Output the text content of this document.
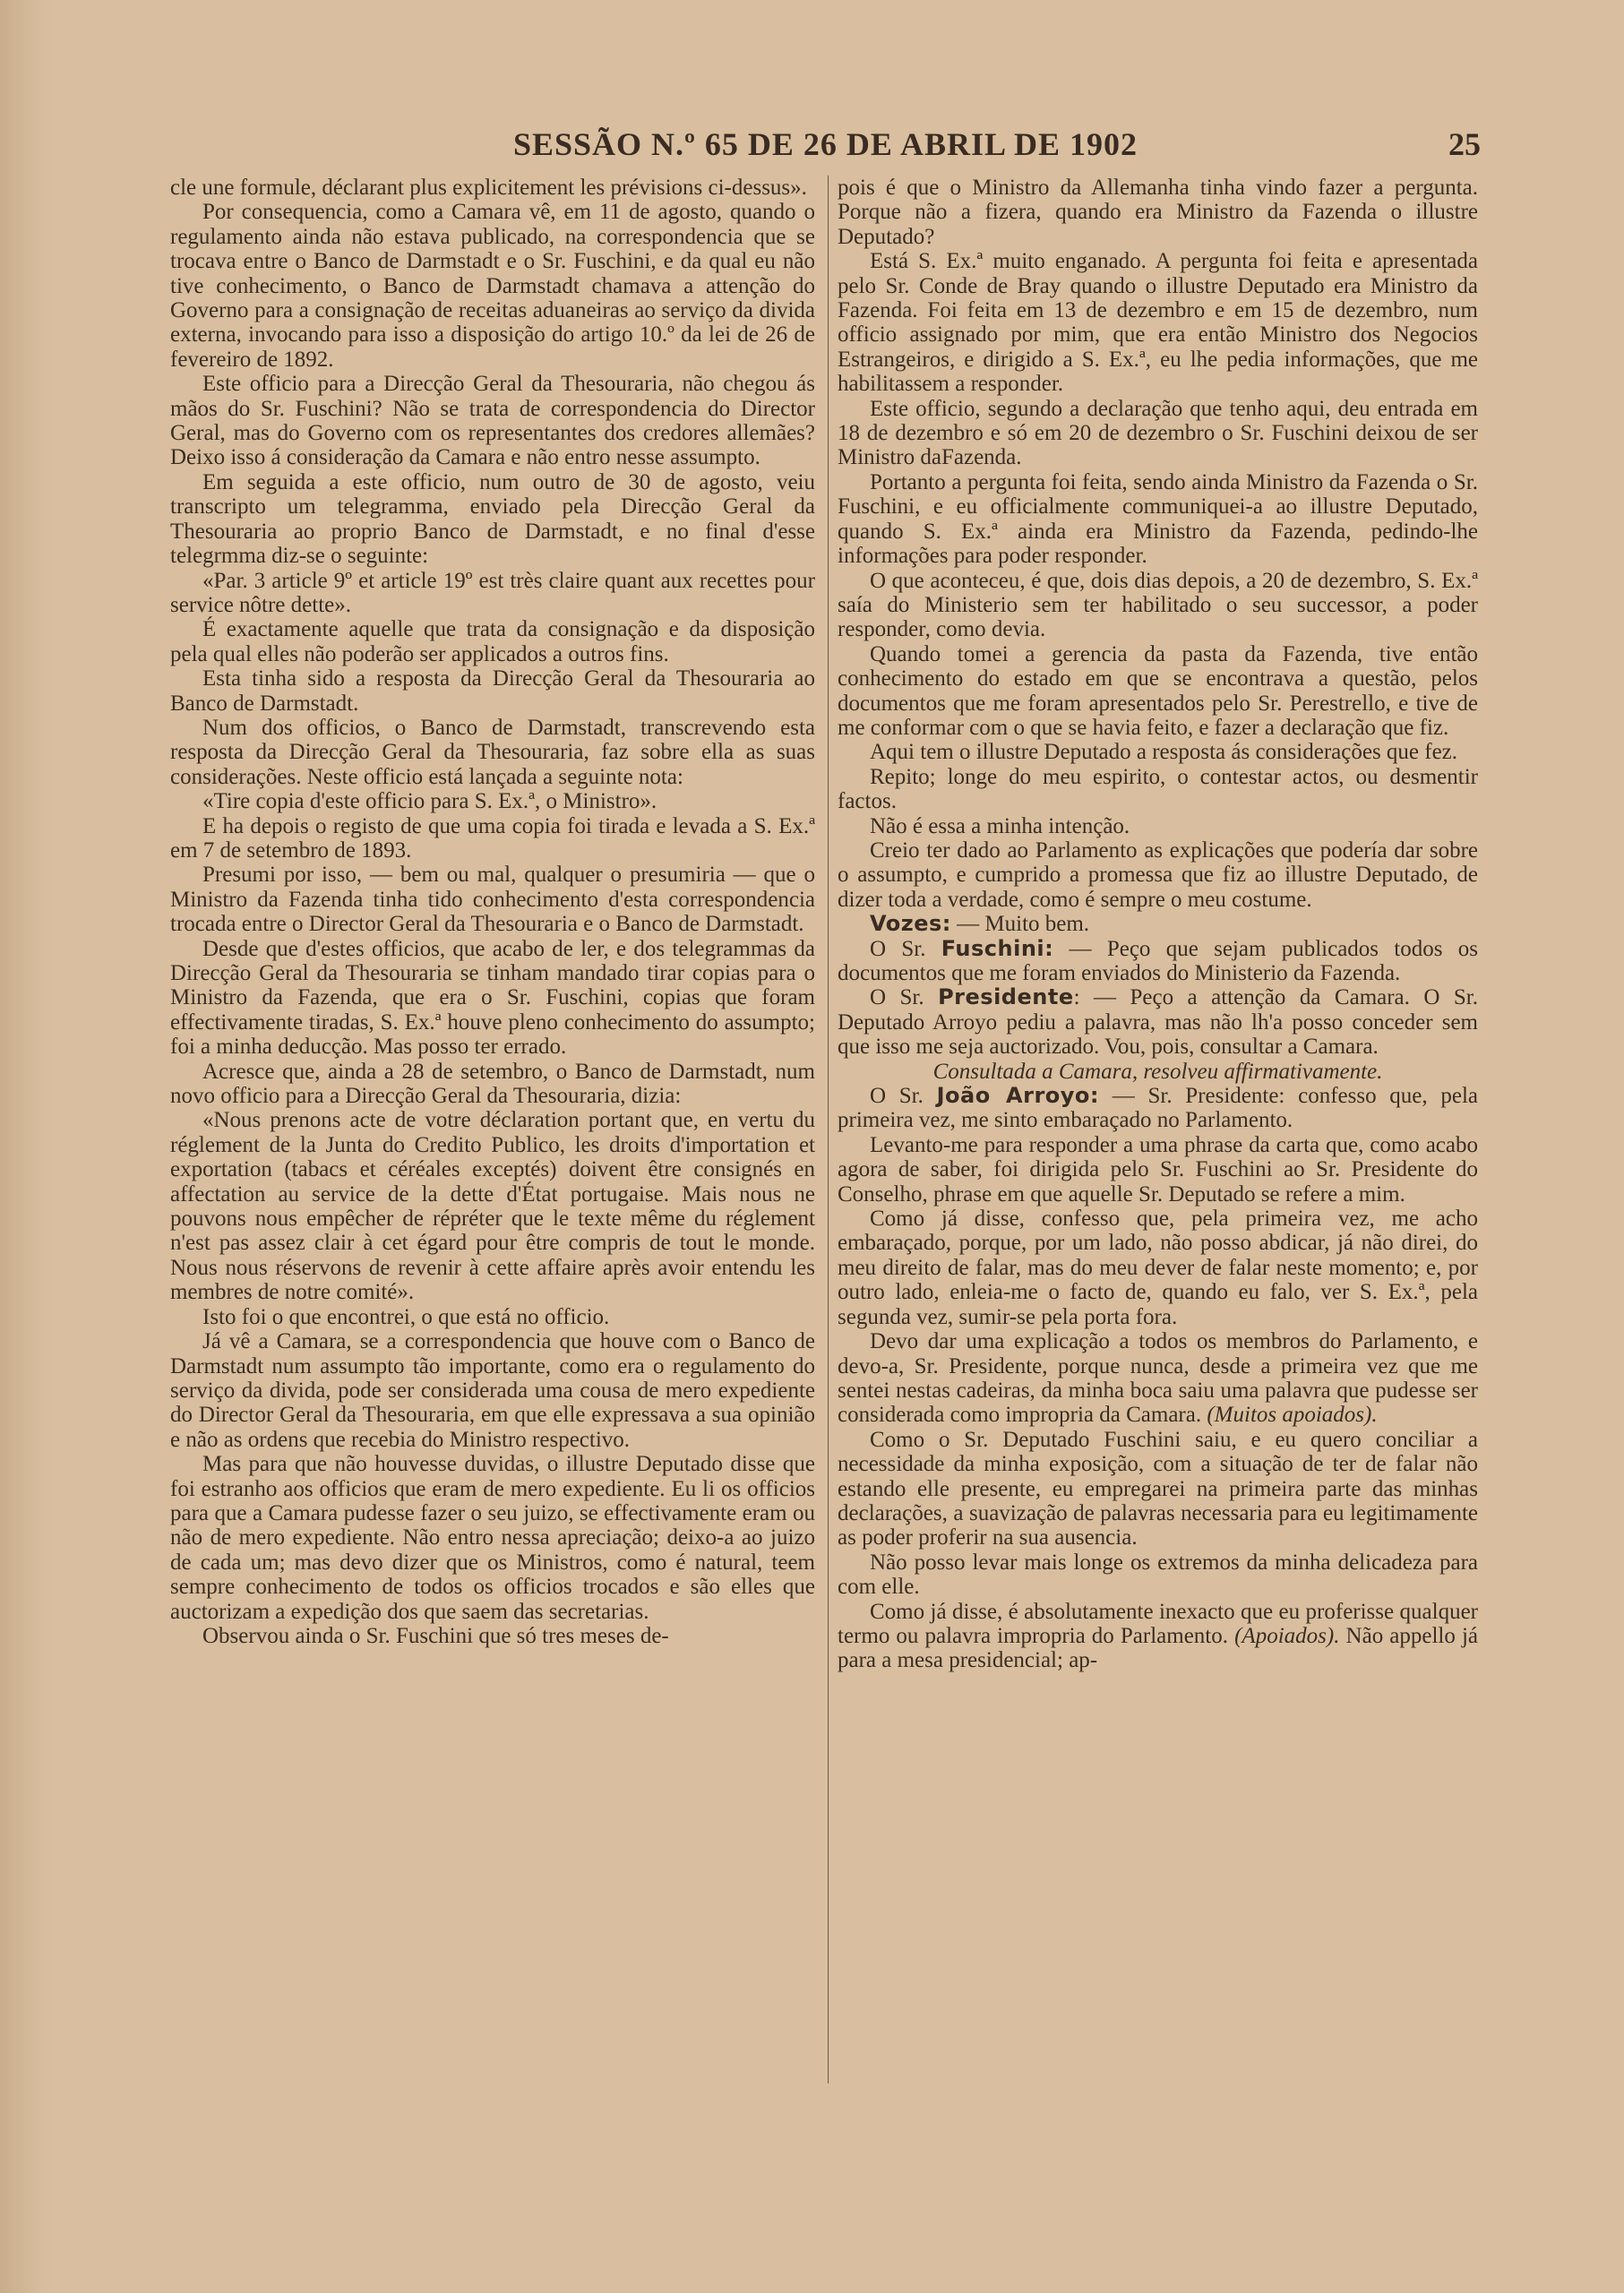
SESSÃO N.º 65 DE 26 DE ABRIL DE 1902	25

cle une formule, déclarant plus explicitement les prévisions ci-dessus».

Por consequencia, como a Camara vê, em 11 de agosto, quando o regulamento ainda não estava publicado, na correspondencia que se trocava entre o Banco de Darmstadt e o Sr. Fuschini, e da qual eu não tive conhecimento, o Banco de Darmstadt chamava a attenção do Governo para a consignação de receitas aduaneiras ao serviço da divida externa, invocando para isso a disposição do artigo 10.º da lei de 26 de fevereiro de 1892.

Este officio para a Direcção Geral da Thesouraria, não chegou ás mãos do Sr. Fuschini? Não se trata de correspondencia do Director Geral, mas do Governo com os representantes dos credores allemães? Deixo isso á consideração da Camara e não entro nesse assumpto.

Em seguida a este officio, num outro de 30 de agosto, veiu transcripto um telegramma, enviado pela Direcção Geral da Thesouraria ao proprio Banco de Darmstadt, e no final d'esse telegrmma diz-se o seguinte:

«Par. 3 article 9º et article 19º est très claire quant aux recettes pour service nôtre dette».

É exactamente aquelle que trata da consignação e da disposição pela qual elles não poderão ser applicados a outros fins.

Esta tinha sido a resposta da Direcção Geral da Thesouraria ao Banco de Darmstadt.

Num dos officios, o Banco de Darmstadt, transcrevendo esta resposta da Direcção Geral da Thesouraria, faz sobre ella as suas considerações. Neste officio está lançada a seguinte nota:

«Tire copia d'este officio para S. Ex.ª, o Ministro».

E ha depois o registo de que uma copia foi tirada e levada a S. Ex.ª em 7 de setembro de 1893.

Presumi por isso, — bem ou mal, qualquer o presumiria — que o Ministro da Fazenda tinha tido conhecimento d'esta correspondencia trocada entre o Director Geral da Thesouraria e o Banco de Darmstadt.

Desde que d'estes officios, que acabo de ler, e dos telegrammas da Direcção Geral da Thesouraria se tinham mandado tirar copias para o Ministro da Fazenda, que era o Sr. Fuschini, copias que foram effectivamente tiradas, S. Ex.ª houve pleno conhecimento do assumpto; foi a minha deducção. Mas posso ter errado.

Acresce que, ainda a 28 de setembro, o Banco de Darmstadt, num novo officio para a Direcção Geral da Thesouraria, dizia:

«Nous prenons acte de votre déclaration portant que, en vertu du réglement de la Junta do Credito Publico, les droits d'importation et exportation (tabacs et céréales exceptés) doivent être consignés en affectation au service de la dette d'État portugaise. Mais nous ne pouvons nous empêcher de répréter que le texte même du réglement n'est pas assez clair à cet égard pour être compris de tout le monde. Nous nous réservons de revenir à cette affaire après avoir entendu les membres de notre comité».

Isto foi o que encontrei, o que está no officio.

Já vê a Camara, se a correspondencia que houve com o Banco de Darmstadt num assumpto tão importante, como era o regulamento do serviço da divida, pode ser considerada uma cousa de mero expediente do Director Geral da Thesouraria, em que elle expressava a sua opinião e não as ordens que recebia do Ministro respectivo.

Mas para que não houvesse duvidas, o illustre Deputado disse que foi estranho aos officios que eram de mero expediente. Eu li os officios para que a Camara pudesse fazer o seu juizo, se effectivamente eram ou não de mero expediente. Não entro nessa apreciação; deixo-a ao juizo de cada um; mas devo dizer que os Ministros, como é natural, teem sempre conhecimento de todos os officios trocados e são elles que auctorizam a expedição dos que saem das secretarias.

Observou ainda o Sr. Fuschini que só tres meses de-

pois é que o Ministro da Allemanha tinha vindo fazer a pergunta. Porque não a fizera, quando era Ministro da Fazenda o illustre Deputado?

Está S. Ex.ª muito enganado. A pergunta foi feita e apresentada pelo Sr. Conde de Bray quando o illustre Deputado era Ministro da Fazenda. Foi feita em 13 de dezembro e em 15 de dezembro, num officio assignado por mim, que era então Ministro dos Negocios Estrangeiros, e dirigido a S. Ex.ª, eu lhe pedia informações, que me habilitassem a responder.

Este officio, segundo a declaração que tenho aqui, deu entrada em 18 de dezembro e só em 20 de dezembro o Sr. Fuschini deixou de ser Ministro daFazenda.

Portanto a pergunta foi feita, sendo ainda Ministro da Fazenda o Sr. Fuschini, e eu officialmente communiquei-a ao illustre Deputado, quando S. Ex.ª ainda era Ministro da Fazenda, pedindo-lhe informações para poder responder.

O que aconteceu, é que, dois dias depois, a 20 de dezembro, S. Ex.ª saía do Ministerio sem ter habilitado o seu successor, a poder responder, como devia.

Quando tomei a gerencia da pasta da Fazenda, tive então conhecimento do estado em que se encontrava a questão, pelos documentos que me foram apresentados pelo Sr. Perestrello, e tive de me conformar com o que se havia feito, e fazer a declaração que fiz.

Aqui tem o illustre Deputado a resposta ás considerações que fez.

Repito; longe do meu espirito, o contestar actos, ou desmentir factos.

Não é essa a minha intenção.

Creio ter dado ao Parlamento as explicações que podería dar sobre o assumpto, e cumprido a promessa que fiz ao illustre Deputado, de dizer toda a verdade, como é sempre o meu costume.

Vozes: — Muito bem.

O Sr. Fuschini: — Peço que sejam publicados todos os documentos que me foram enviados do Ministerio da Fazenda.

O Sr. Presidente: — Peço a attenção da Camara. O Sr. Deputado Arroyo pediu a palavra, mas não lh'a posso conceder sem que isso me seja auctorizado. Vou, pois, consultar a Camara.

Consultada a Camara, resolveu affirmativamente.

O Sr. João Arroyo: — Sr. Presidente: confesso que, pela primeira vez, me sinto embaraçado no Parlamento.

Levanto-me para responder a uma phrase da carta que, como acabo agora de saber, foi dirigida pelo Sr. Fuschini ao Sr. Presidente do Conselho, phrase em que aquelle Sr. Deputado se refere a mim.

Como já disse, confesso que, pela primeira vez, me acho embaraçado, porque, por um lado, não posso abdicar, já não direi, do meu direito de falar, mas do meu dever de falar neste momento; e, por outro lado, enleia-me o facto de, quando eu falo, ver S. Ex.ª, pela segunda vez, sumir-se pela porta fora.

Devo dar uma explicação a todos os membros do Parlamento, e devo-a, Sr. Presidente, porque nunca, desde a primeira vez que me sentei nestas cadeiras, da minha boca saiu uma palavra que pudesse ser considerada como impropria da Camara. (Muitos apoiados).

Como o Sr. Deputado Fuschini saiu, e eu quero conciliar a necessidade da minha exposição, com a situação de ter de falar não estando elle presente, eu empregarei na primeira parte das minhas declarações, a suavização de palavras necessaria para eu legitimamente as poder proferir na sua ausencia.

Não posso levar mais longe os extremos da minha delicadeza para com elle.

Como já disse, é absolutamente inexacto que eu proferisse qualquer termo ou palavra impropria do Parlamento. (Apoiados). Não appello já para a mesa presidencial; ap-
